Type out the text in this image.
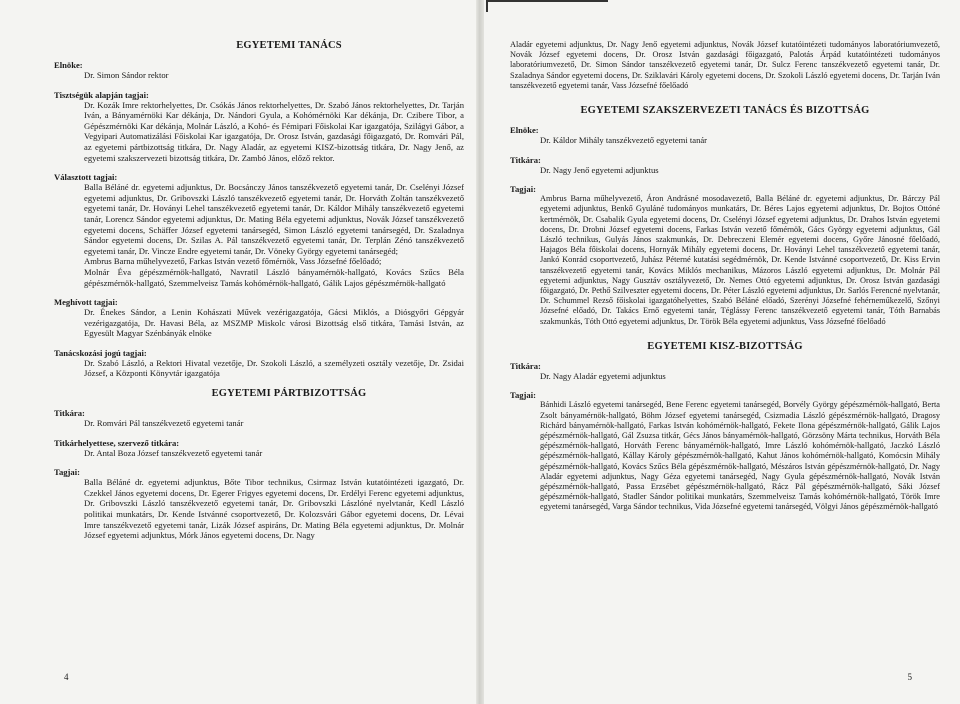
EGYETEMI TANÁCS
Elnöke:

Dr. Simon Sándor rektor

Tisztségük alapján tagjai:

Dr. Kozák Imre rektorhelyettes, Dr. Csókás János rektorhelyettes, Dr. Szabó János rektorhelyettes, Dr. Tarján Iván, a Bányamérnöki Kar dékánja, Dr. Nándori Gyula, a Kohómérnöki Kar dékánja, Dr. Czibere Tibor, a Gépészmérnöki Kar dékánja, Molnár László, a Kohó- és Fémipari Főiskolai Kar igazgatója, Szilágyi Gábor, a Vegyipari Automatizálási Főiskolai Kar igazgatója, Dr. Orosz István, gazdasági főigazgató, Dr. Romvári Pál, az egyetemi pártbizottság titkára, Dr. Nagy Aladár, az egyetemi KISZ-bizottság titkára, Dr. Nagy Jenő, az egyetemi szakszervezeti bizottság titkára, Dr. Zambó János, előző rektor.

Választott tagjai:

Balla Béláné dr. egyetemi adjunktus, Dr. Bocsánczy János tanszékvezető egyetemi tanár, Dr. Cselényi József egyetemi adjunktus, Dr. Gribovszki László tanszékvezető egyetemi tanár, Dr. Horváth Zoltán tanszékvezető egyetemi tanár, Dr. Hoványi Lehel tanszékvezető egyetemi tanár, Dr. Káldor Mihály tanszékvezető egyetemi tanár, Lorencz Sándor egyetemi adjunktus, Dr. Mating Béla egyetemi adjunktus, Novák József tanszékvezető egyetemi docens, Schäffer József egyetemi tanársegéd, Simon László egyetemi tanársegéd, Dr. Szaladnya Sándor egyetemi docens, Dr. Szilas A. Pál tanszékvezető egyetemi tanár, Dr. Terplán Zénó tanszékvezető egyetemi tanár, Dr. Vincze Endre egyetemi tanár, Dr. Vöneky György egyetemi tanársegéd;

Ambrus Barna műhelyvezető, Farkas István vezető főmérnök, Vass Józsefné főelőadó;

Molnár Éva gépészmérnök-hallgató, Navratil László bányamérnök-hallgató, Kovács Szűcs Béla gépészmérnök-hallgató, Szemmelveisz Tamás kohómérnök-hallgató, Gálik Lajos gépészmérnök-hallgató

Meghívott tagjai:

Dr. Énekes Sándor, a Lenin Kohászati Művek vezérigazgatója, Gácsi Miklós, a Diósgyőri Gépgyár vezérigazgatója, Dr. Havasi Béla, az MSZMP Miskolc városi Bizottság első titkára, Tamási István, az Egyesült Magyar Szénbányák elnöke

Tanácskozási jogú tagjai:

Dr. Szabó László, a Rektori Hivatal vezetője, Dr. Szokoli László, a személyzeti osztály vezetője, Dr. Zsidai József, a Központi Könyvtár igazgatója

EGYETEMI PÁRTBIZOTTSÁG
Titkára:

Dr. Romvári Pál tanszékvezető egyetemi tanár

Titkárhelyettese, szervező titkára:

Dr. Antal Boza József tanszékvezető egyetemi tanár

Tagjai:

Balla Béláné dr. egyetemi adjunktus, Bőte Tibor technikus, Csirmaz István kutatóintézeti igazgató, Dr. Czekkel János egyetemi docens, Dr. Egerer Frigyes egyetemi docens, Dr. Erdélyi Ferenc egyetemi adjunktus, Dr. Gribovszki László tanszékvezető egyetemi tanár, Dr. Gribovszki Lászlóné nyelvtanár, Kedl László politikai munkatárs, Dr. Kende Istvánné csoportvezető, Dr. Kolozsvári Gábor egyetemi docens, Dr. Lévai Imre tanszékvezető egyetemi tanár, Lizák József aspiráns, Dr. Mating Béla egyetemi adjunktus, Dr. Molnár József egyetemi adjunktus, Mórk János egyetemi docens, Dr. Nagy

4

Aladár egyetemi adjunktus, Dr. Nagy Jenő egyetemi adjunktus, Novák József kutatóintézeti tudományos laboratóriumvezető, Novák József egyetemi docens, Dr. Orosz István gazdasági főigazgató, Palotás Árpád kutatóintézeti tudományos laboratóriumvezető, Dr. Simon Sándor tanszékvezető egyetemi tanár, Dr. Sulcz Ferenc tanszékvezető egyetemi tanár, Dr. Szaladnya Sándor egyetemi docens, Dr. Sziklavári Károly egyetemi docens, Dr. Szokoli László egyetemi docens, Dr. Tarján Iván tanszékvezető egyetemi tanár, Vass Józsefné főelőadó

EGYETEMI SZAKSZERVEZETI TANÁCS ÉS BIZOTTSÁG
Elnöke:

Dr. Káldor Mihály tanszékvezető egyetemi tanár

Titkára:

Dr. Nagy Jenő egyetemi adjunktus

Tagjai:

Ambrus Barna műhelyvezető, Áron Andrásné mosodavezető, Balla Béláné dr. egyetemi adjunktus, Dr. Bárczy Pál egyetemi adjunktus, Benkő Gyuláné tudományos munkatárs, Dr. Béres Lajos egyetemi adjunktus, Dr. Bojtos Ottóné kertmérnök, Dr. Csabalik Gyula egyetemi docens, Dr. Cselényi József egyetemi adjunktus, Dr. Drahos István egyetemi docens, Dr. Drobni József egyetemi docens, Farkas István vezető főmérnök, Gács György egyetemi adjunktus, Gál László technikus, Gulyás János szakmunkás, Dr. Debreczeni Elemér egyetemi docens, Győre Jánosné főelőadó, Hajagos Béla főiskolai docens, Hornyák Mihály egyetemi docens, Dr. Hoványi Lehel tanszékvezető egyetemi tanár, Jankó Konrád csoportvezető, Juhász Péterné kutatási segédmérnök, Dr. Kende Istvánné csoportvezető, Dr. Kiss Ervin tanszékvezető egyetemi tanár, Kovács Miklós mechanikus, Mázoros László egyetemi adjunktus, Dr. Molnár Pál egyetemi adjunktus, Nagy Gusztáv osztályvezető, Dr. Nemes Ottó egyetemi adjunktus, Dr. Orosz István gazdasági főigazgató, Dr. Pethő Szilveszter egyetemi docens, Dr. Péter László egyetemi adjunktus, Dr. Sarlós Ferencné nyelvtanár, Dr. Schummel Rezső főiskolai igazgatóhelyettes, Szabó Béláné előadó, Szerényi Józsefné fehérneműkezelő, Szőnyi Józsefné előadó, Dr. Takács Ernő egyetemi tanár, Téglássy Ferenc tanszékvezető egyetemi tanár, Tóth Barnabás szakmunkás, Tóth Ottó egyetemi adjunktus, Dr. Török Béla egyetemi adjunktus, Vass Józsefné főelőadó

EGYETEMI KISZ-BIZOTTSÁG
Titkára:

Dr. Nagy Aladár egyetemi adjunktus

Tagjai:

Bánhidi László egyetemi tanársegéd, Bene Ferenc egyetemi tanársegéd, Borvély György gépészmérnök-hallgató, Berta Zsolt bányamérnök-hallgató, Böhm József egyetemi tanársegéd, Csizmadia László gépészmérnök-hallgató, Dragosy Richárd bányamérnök-hallgató, Farkas István kohómérnök-hallgató, Fekete Ilona gépészmérnök-hallgató, Gálik Lajos gépészmérnök-hallgató, Gál Zsuzsa titkár, Gécs János bányamérnök-hallgató, Görzsöny Márta technikus, Horváth Béla gépészmérnök-hallgató, Horváth Ferenc bányamérnök-hallgató, Imre László kohómérnök-hallgató, Jaczkó László gépészmérnök-hallgató, Kállay Károly gépészmérnök-hallgató, Kahut János kohómérnök-hallgató, Komócsin Mihály gépészmérnök-hallgató, Kovács Szűcs Béla gépészmérnök-hallgató, Mészáros István gépészmérnök-hallgató, Dr. Nagy Aladár egyetemi adjunktus, Nagy Géza egyetemi tanársegéd, Nagy Gyula gépészmérnök-hallgató, Novák István gépészmérnök-hallgató, Passa Erzsébet gépészmérnök-hallgató, Rácz Pál gépészmérnök-hallgató, Sáki József gépészmérnök-hallgató, Stadler Sándor politikai munkatárs, Szemmelveisz Tamás kohómérnök-hallgató, Török Imre egyetemi tanársegéd, Varga Sándor technikus, Vida Józsefné egyetemi tanársegéd, Völgyi János gépészmérnök-hallgató

5
